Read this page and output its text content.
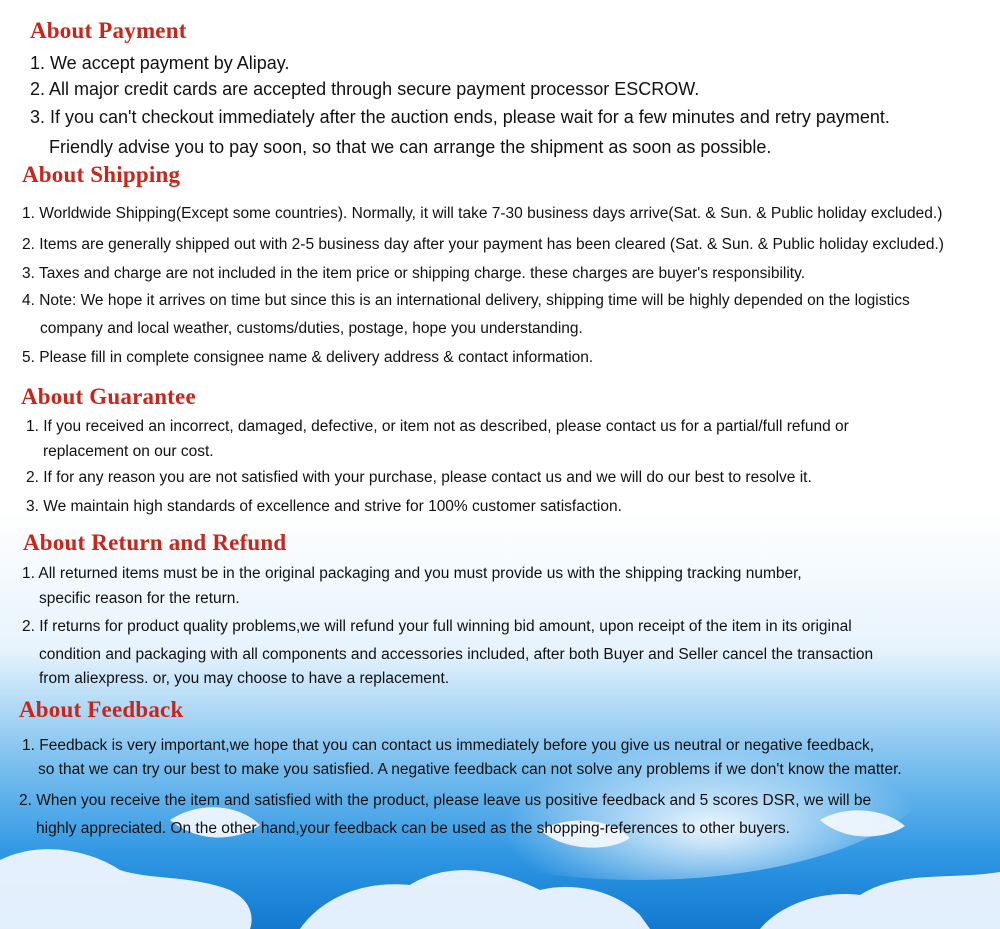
About Payment
1. We accept payment by Alipay.
2. All major credit cards are accepted through secure payment processor ESCROW.
3. If you can't checkout immediately after the auction ends, please wait for a few minutes and retry payment.
Friendly advise you to pay soon, so that we can arrange the shipment as soon as possible.
About Shipping
1. Worldwide Shipping(Except some countries). Normally, it will take 7-30 business days arrive(Sat. & Sun. & Public holiday excluded.)
2. Items are generally shipped out with 2-5 business day after your payment has been cleared (Sat. & Sun. & Public holiday excluded.)
3. Taxes and charge are not included in the item price or shipping charge. these charges are buyer's responsibility.
4. Note: We hope it arrives on time but since this is an international delivery, shipping time will be highly depended on the logistics
company and local weather, customs/duties, postage, hope you understanding.
5. Please fill in complete consignee name & delivery address & contact information.
About Guarantee
1. If you received an incorrect, damaged, defective, or item not as described, please contact us for a partial/full refund or
replacement on our cost.
2. If for any reason you are not satisfied with your purchase, please contact us and we will do our best to resolve it.
3. We maintain high standards of excellence and strive for 100% customer satisfaction.
About Return and Refund
1. All returned items must be in the original packaging and you must provide us with the shipping tracking number,
specific reason for the return.
2. If returns for product quality problems,we will refund your full winning bid amount, upon receipt of the item in its original
condition and packaging with all components and accessories included, after both Buyer and Seller cancel the transaction
from aliexpress. or, you may choose to have a replacement.
About Feedback
1. Feedback is very important,we hope that you can contact us immediately before you give us neutral or negative feedback,
so that we can try our best to make you satisfied. A negative feedback can not solve any problems if we don't know the matter.
2. When you receive the item and satisfied with the product, please leave us positive feedback and 5 scores DSR, we will be
highly appreciated. On the other hand,your feedback can be used as the shopping-references to other buyers.
